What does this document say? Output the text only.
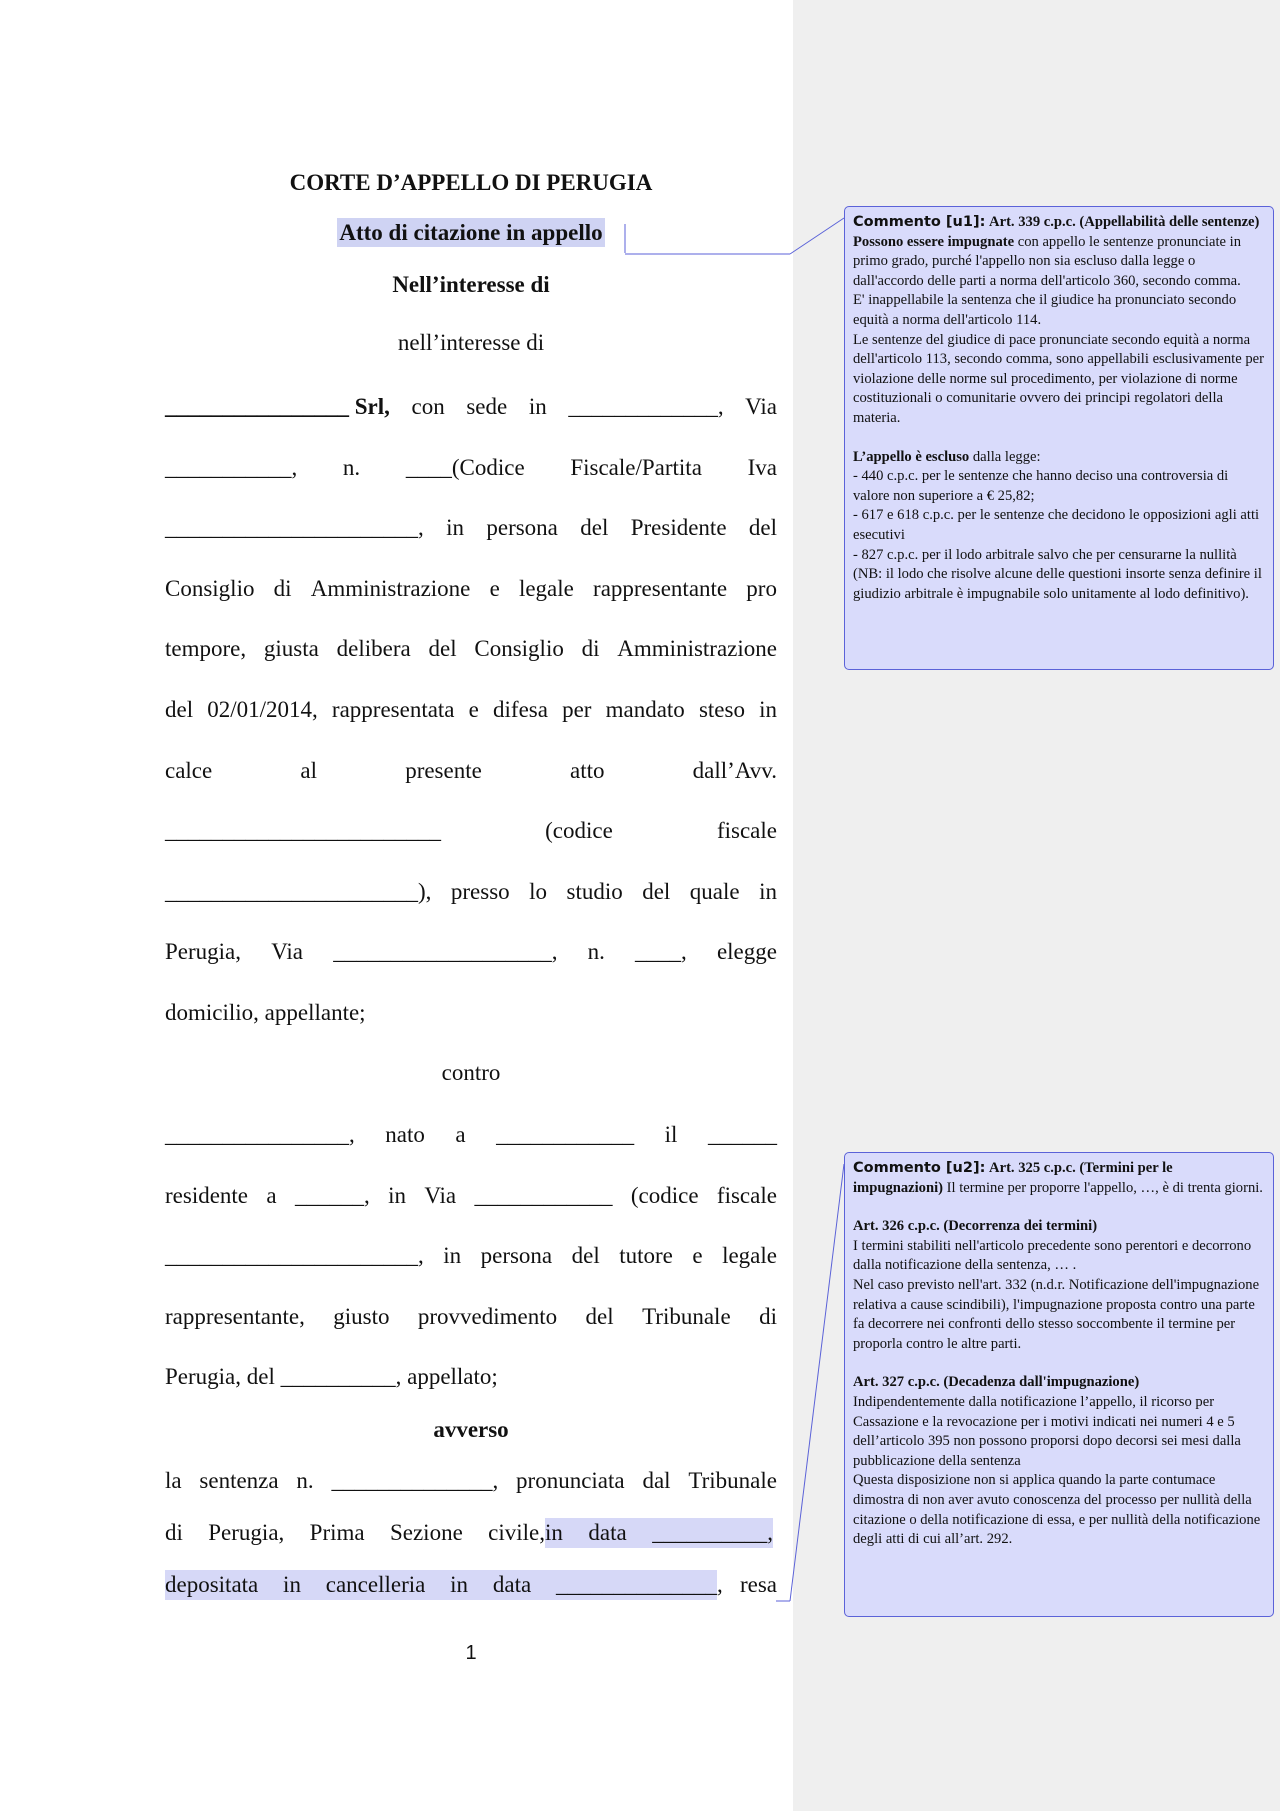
CORTE D’APPELLO DI PERUGIA
Atto di citazione in appello
Nell’interesse di
nell’interesse di
________________ Srl, con sede in _____________, Via
___________, n. ____(Codice Fiscale/Partita Iva
______________________, in persona del Presidente del
Consiglio di Amministrazione e legale rappresentante pro
tempore, giusta delibera del Consiglio di Amministrazione
del 02/01/2014, rappresentata e difesa per mandato steso in
calce	al	presente	atto	dall’Avv.
________________________	(codice	fiscale
______________________), presso lo studio del quale in
Perugia, Via ___________________, n. ____, elegge
domicilio, appellante;
contro
________________, nato a ____________ il ______
residente a ______, in Via ____________ (codice fiscale
______________________, in persona del tutore e legale
rappresentante, giusto provvedimento del Tribunale di
Perugia, del __________, appellato;
avverso
la sentenza n. ______________, pronunciata dal Tribunale
di Perugia, Prima Sezione civile,in data __________,
depositata in cancelleria in data ______________, resa
1

Commento [u1]: Art. 339 c.p.c. (Appellabilità delle sentenze)

Possono essere impugnate con appello le sentenze pronunciate in primo grado, purché l'appello non sia escluso dalla legge o dall'accordo delle parti a norma dell'articolo 360, secondo comma.

E' inappellabile la sentenza che il giudice ha pronunciato secondo equità a norma dell'articolo 114.

Le sentenze del giudice di pace pronunciate secondo equità a norma dell'articolo 113, secondo comma, sono appellabili esclusivamente per violazione delle norme sul procedimento, per violazione di norme costituzionali o comunitarie ovvero dei principi regolatori della materia.

L’appello è escluso dalla legge:

- 440 c.p.c. per le sentenze che hanno deciso una controversia di valore non superiore a € 25,82;

- 617 e 618 c.p.c. per le sentenze che decidono le opposizioni agli atti esecutivi

- 827 c.p.c. per il lodo arbitrale salvo che per censurarne la nullità (NB: il lodo che risolve alcune delle questioni insorte senza definire il giudizio arbitrale è impugnabile solo unitamente al lodo definitivo).

Commento [u2]: Art. 325 c.p.c. (Termini per le impugnazioni) Il termine per proporre l'appello, …, è di trenta giorni.

Art. 326 c.p.c. (Decorrenza dei termini)

I termini stabiliti nell'articolo precedente sono perentori e decorrono dalla notificazione della sentenza, … .

Nel caso previsto nell'art. 332 (n.d.r. Notificazione dell'impugnazione relativa a cause scindibili), l'impugnazione proposta contro una parte fa decorrere nei confronti dello stesso soccombente il termine per proporla contro le altre parti.

Art. 327 c.p.c. (Decadenza dall'impugnazione)

Indipendentemente dalla notificazione l’appello, il ricorso per Cassazione e la revocazione per i motivi indicati nei numeri 4 e 5 dell’articolo 395 non possono proporsi dopo decorsi sei mesi dalla pubblicazione della sentenza

Questa disposizione non si applica quando la parte contumace dimostra di non aver avuto conoscenza del processo per nullità della citazione o della notificazione di essa, e per nullità della notificazione degli atti di cui all’art. 292.
